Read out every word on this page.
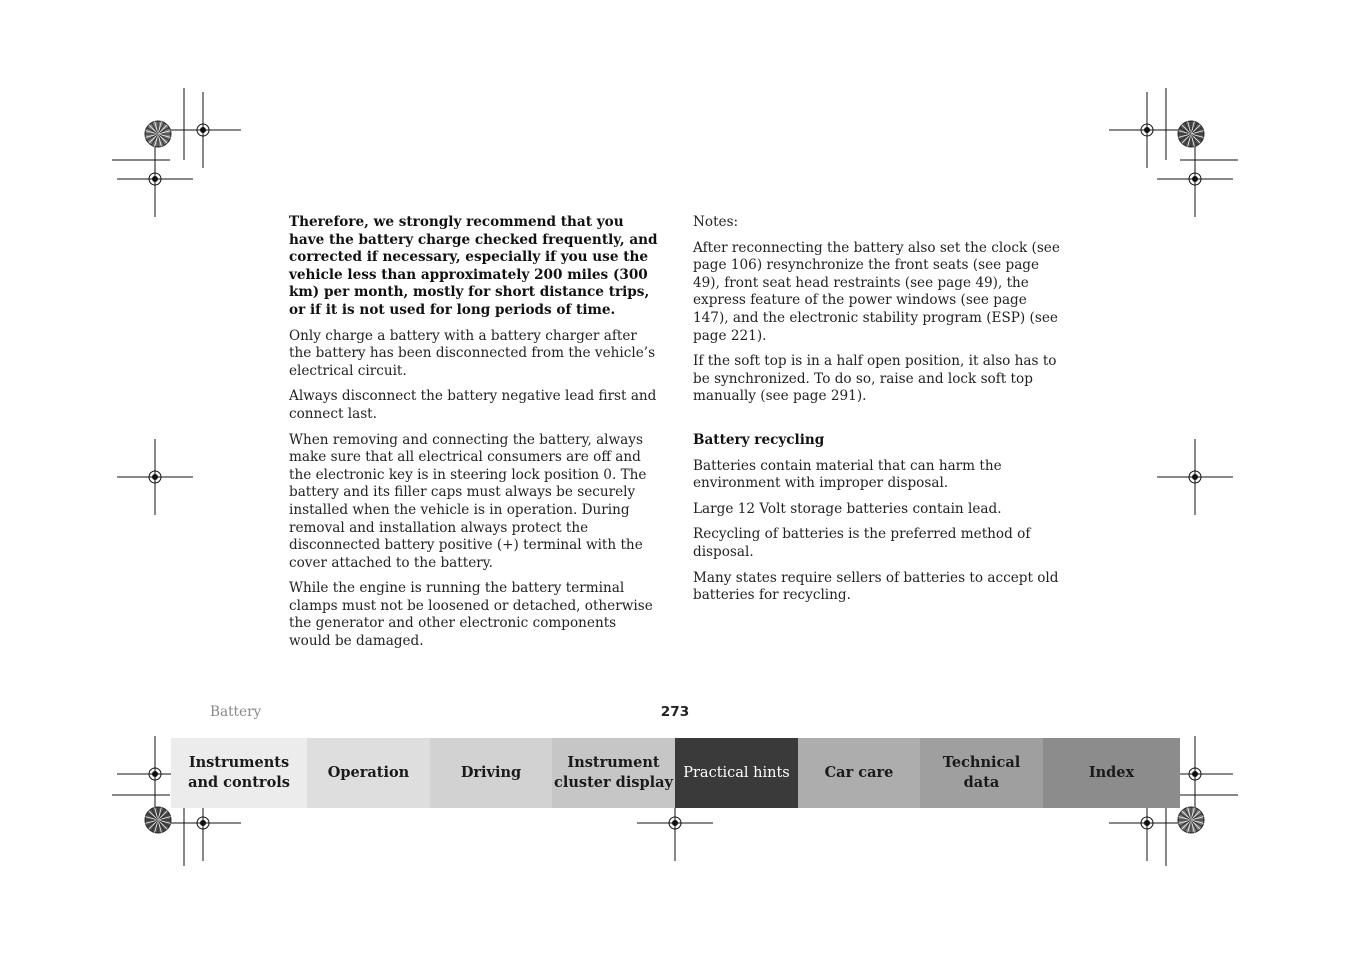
Therefore, we strongly recommend that you have the battery charge checked frequently, and corrected if necessary, especially if you use the vehicle less than approximately 200 miles (300 km) per month, mostly for short distance trips, or if it is not used for long periods of time.

Only charge a battery with a battery charger after the battery has been disconnected from the vehicle’s electrical circuit.

Always disconnect the battery negative lead first and connect last.

When removing and connecting the battery, always make sure that all electrical consumers are off and the electronic key is in steering lock position 0. The battery and its filler caps must always be securely installed when the vehicle is in operation. During removal and installation always protect the disconnected battery positive (+) terminal with the cover attached to the battery.

While the engine is running the battery terminal clamps must not be loosened or detached, otherwise the generator and other electronic components would be damaged.

Notes:

After reconnecting the battery also set the clock (see page 106) resynchronize the front seats (see page 49), front seat head restraints (see page 49), the express feature of the power windows (see page 147), and the electronic stability program (ESP) (see page 221).

If the soft top is in a half open position, it also has to be synchronized. To do so, raise and lock soft top manually (see page 291).

Battery recycling

Batteries contain material that can harm the environment with improper disposal.

Large 12 Volt storage batteries contain lead.

Recycling of batteries is the preferred method of disposal.

Many states require sellers of batteries to accept old batteries for recycling.

Battery	273
Instruments
and controls
Operation	Driving
Instrument
cluster display
Practical hints	Car care
Technical
data
Index
